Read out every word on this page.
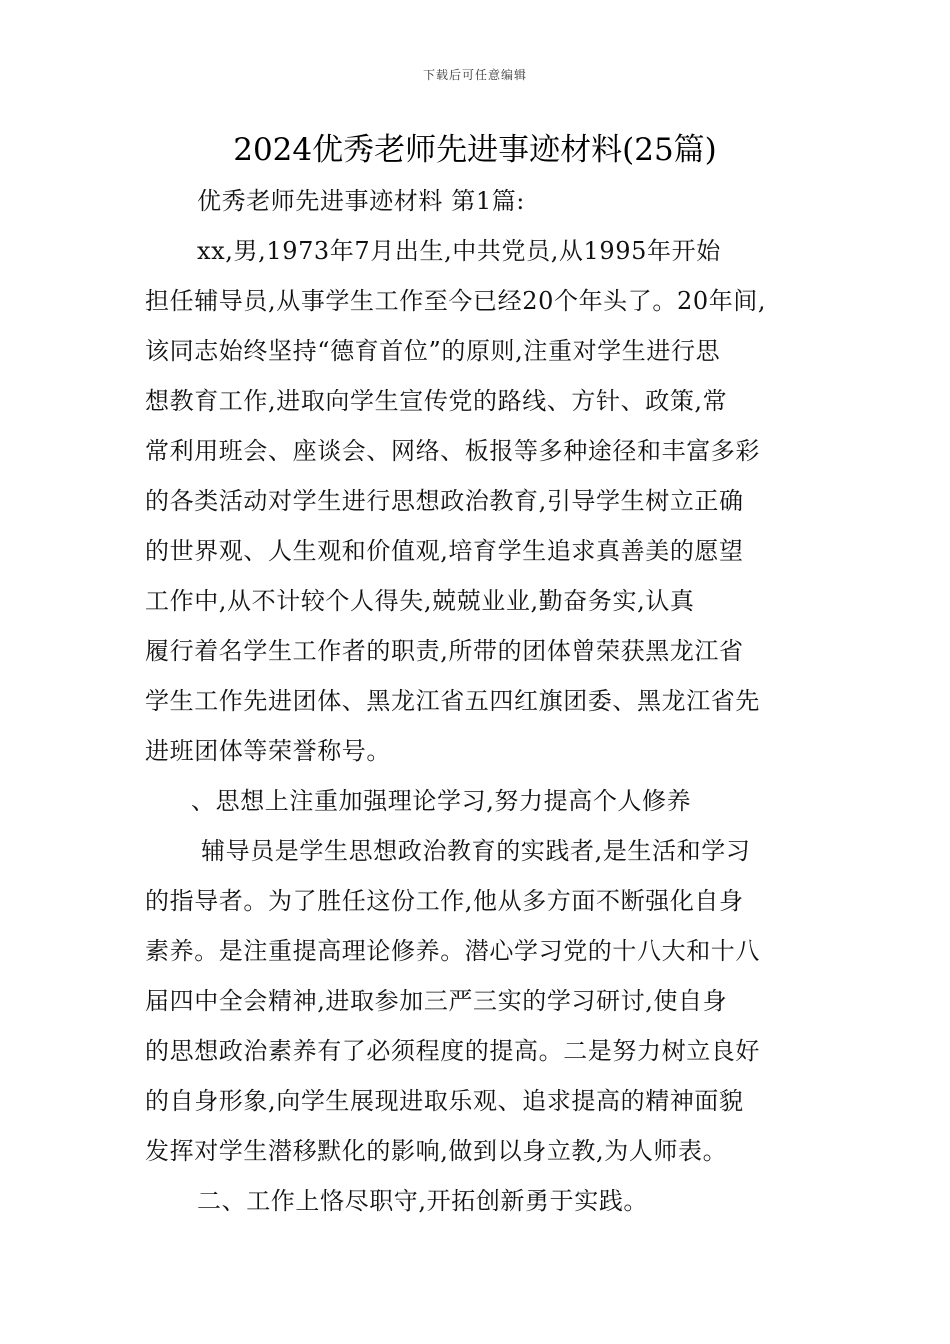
下载后可任意编辑
2024优秀老师先进事迹材料(25篇)

优秀老师先进事迹材料 第1篇:

xx,男,1973年7月出生,中共党员,从1995年开始

担任辅导员,从事学生工作至今已经20个年头了。20年间,

该同志始终坚持“德育首位”的原则,注重对学生进行思

想教育工作,进取向学生宣传党的路线、方针、政策,常

常利用班会、座谈会、网络、板报等多种途径和丰富多彩

的各类活动对学生进行思想政治教育,引导学生树立正确

的世界观、人生观和价值观,培育学生追求真善美的愿望

工作中,从不计较个人得失,兢兢业业,勤奋务实,认真

履行着名学生工作者的职责,所带的团体曾荣获黑龙江省

学生工作先进团体、黑龙江省五四红旗团委、黑龙江省先

进班团体等荣誉称号。

、思想上注重加强理论学习,努力提高个人修养

辅导员是学生思想政治教育的实践者,是生活和学习

的指导者。为了胜任这份工作,他从多方面不断强化自身

素养。是注重提高理论修养。潜心学习党的十八大和十八

届四中全会精神,进取参加三严三实的学习研讨,使自身

的思想政治素养有了必须程度的提高。二是努力树立良好

的自身形象,向学生展现进取乐观、追求提高的精神面貌

发挥对学生潜移默化的影响,做到以身立教,为人师表。

二、工作上恪尽职守,开拓创新勇于实践。
